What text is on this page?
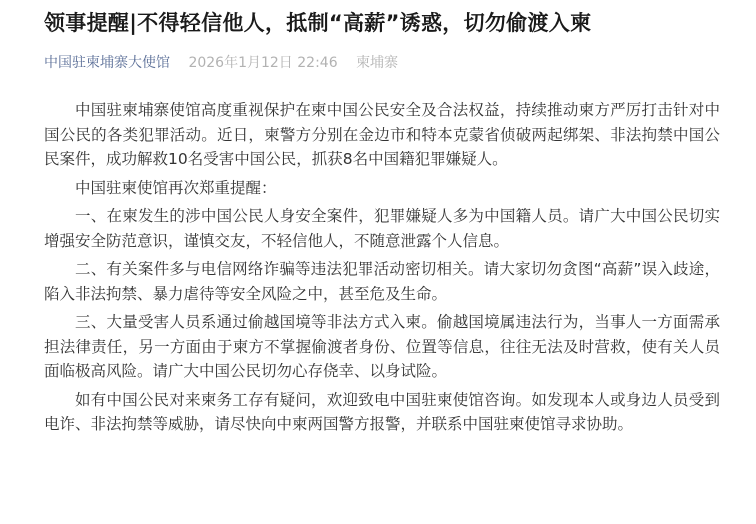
领事提醒|不得轻信他人，抵制“高薪”诱惑，切勿偷渡入柬
中国驻柬埔寨大使馆 2026年1月12日 22:46 柬埔寨

中国驻柬埔寨使馆高度重视保护在柬中国公民安全及合法权益，持续推动柬方严厉打击针对中国公民的各类犯罪活动。近日，柬警方分别在金边市和特本克蒙省侦破两起绑架、非法拘禁中国公民案件，成功解救10名受害中国公民，抓获8名中国籍犯罪嫌疑人。

中国驻柬使馆再次郑重提醒：

一、在柬发生的涉中国公民人身安全案件，犯罪嫌疑人多为中国籍人员。请广大中国公民切实增强安全防范意识，谨慎交友，不轻信他人，不随意泄露个人信息。

二、有关案件多与电信网络诈骗等违法犯罪活动密切相关。请大家切勿贪图“高薪”误入歧途，陷入非法拘禁、暴力虐待等安全风险之中，甚至危及生命。

三、大量受害人员系通过偷越国境等非法方式入柬。偷越国境属违法行为，当事人一方面需承担法律责任，另一方面由于柬方不掌握偷渡者身份、位置等信息，往往无法及时营救，使有关人员面临极高风险。请广大中国公民切勿心存侥幸、以身试险。

如有中国公民对来柬务工存有疑问，欢迎致电中国驻柬使馆咨询。如发现本人或身边人员受到电诈、非法拘禁等威胁，请尽快向中柬两国警方报警，并联系中国驻柬使馆寻求协助。
